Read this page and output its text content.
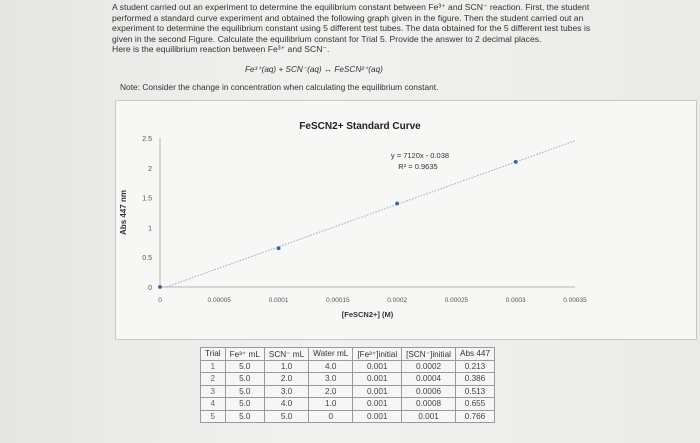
A student carried out an experiment to determine the equilibrium constant between Fe³⁺ and SCN⁻ reaction. First, the student

performed a standard curve experiment and obtained the following graph given in the figure. Then the student carried out an

experiment to determine the equilibrium constant using 5 different test tubes. The data obtained for the 5 different test tubes is

given in the second Figure. Calculate the equilibrium constant for Trial 5. Provide the answer to 2 decimal places.

Here is the equilibrium reaction between Fe³⁺ and SCN⁻.

Fe³⁺(aq) + SCN⁻(aq) ↔ FeSCN²⁺(aq)
Note: Consider the change in concentration when calculating the equilibrium constant.
FeSCN2+ Standard Curve
0
0.5
1
1.5
2
2.5
0	0.00005	0.0001	0.00015	0.0002	0.00025	0.0003	0.00035
Abs 447 nm
[FeSCN2+] (M)
y = 7120x - 0.038
R² = 0.9635
Trial	Fe³⁺ mL	SCN⁻ mL	Water mL	[Fe³⁺]initial	[SCN⁻]initial	Abs 447
1	5.0	1.0	4.0	0.001	0.0002	0.213
2	5.0	2.0	3.0	0.001	0.0004	0.386
3	5.0	3.0	2.0	0.001	0.0006	0.513
4	5.0	4.0	1.0	0.001	0.0008	0.655
5	5.0	5.0	0	0.001	0.001	0.766
